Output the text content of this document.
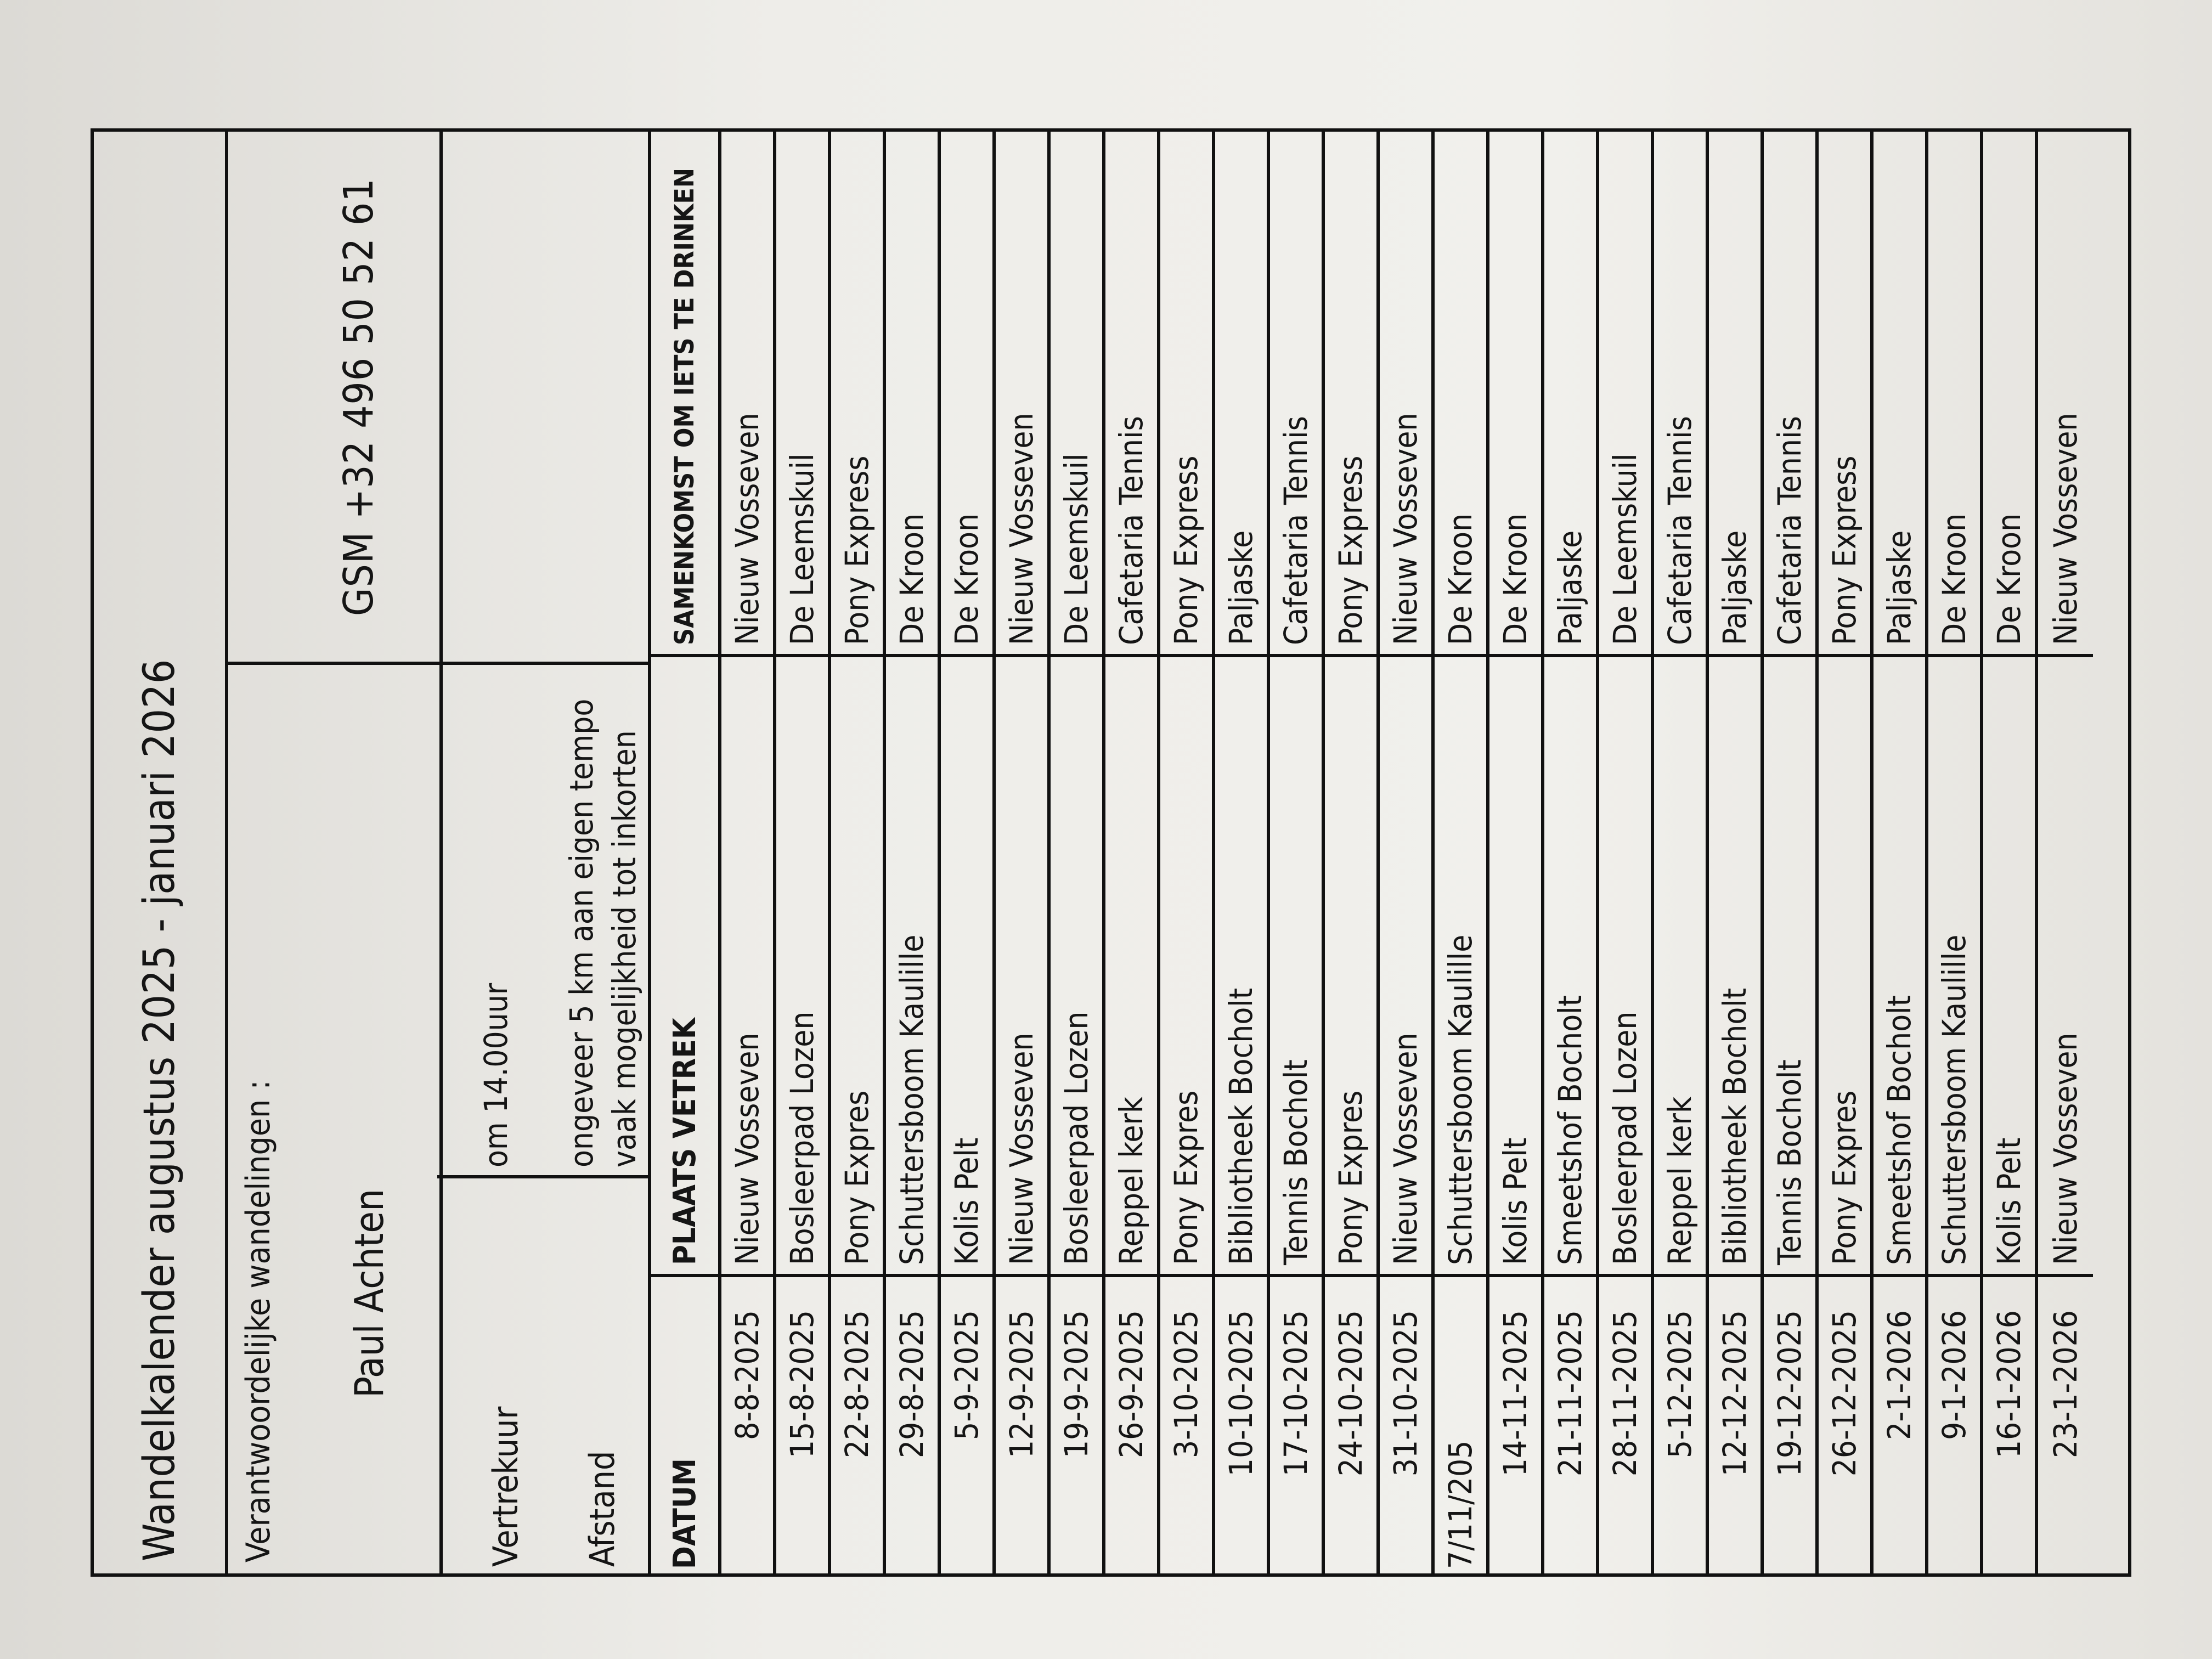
Wandelkalender augustus 2025 - januari 2026	Verantwoordelijke wandelingen : Paul Achten
GSM +32 496 50 52 61
Vertrekuur
om 14.00uur
Afstand
ongeveer 5 km aan eigen tempo vaak mogelijkheid tot inkorten
DATUM
PLAATS VETREK
SAMENKOMST OM IETS TE DRINKEN
8-8-2025
Nieuw Vosseven
Nieuw Vosseven
15-8-2025
Bosleerpad Lozen
De Leemskuil
22-8-2025
Pony Expres
Pony Express
29-8-2025
Schuttersboom Kaulille
De Kroon
5-9-2025
Kolis Pelt
De Kroon
12-9-2025
Nieuw Vosseven
Nieuw Vosseven
19-9-2025
Bosleerpad Lozen
De Leemskuil
26-9-2025
Reppel kerk
Cafetaria Tennis
3-10-2025
Pony Expres
Pony Express
10-10-2025
Bibliotheek Bocholt
Paljaske
17-10-2025
Tennis Bocholt
Cafetaria Tennis
24-10-2025
Pony Expres
Pony Express
31-10-2025
Nieuw Vosseven
Nieuw Vosseven
7/11/205
Schuttersboom Kaulille
De Kroon
14-11-2025
Kolis Pelt
De Kroon
21-11-2025
Smeetshof Bocholt
Paljaske
28-11-2025
Bosleerpad Lozen
De Leemskuil
5-12-2025
Reppel kerk
Cafetaria Tennis
12-12-2025
Bibliotheek Bocholt
Paljaske
19-12-2025
Tennis Bocholt
Cafetaria Tennis
26-12-2025
Pony Expres
Pony Express
2-1-2026
Smeetshof Bocholt
Paljaske
9-1-2026
Schuttersboom Kaulille
De Kroon
16-1-2026
Kolis Pelt
De Kroon
23-1-2026
Nieuw Vosseven
Nieuw Vosseven
